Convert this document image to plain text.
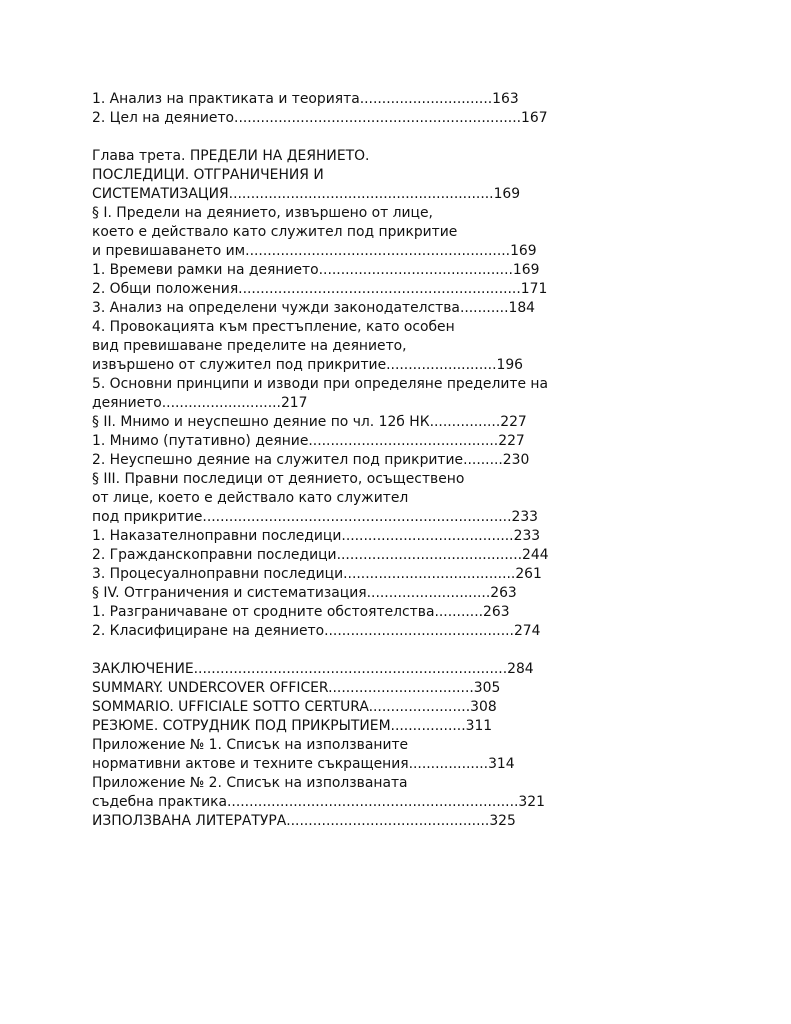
1. Анализ на практиката и теорията..............................163
2. Цел на деянието.................................................................167
Глава трета. ПРЕДЕЛИ НА ДЕЯНИЕТО.
ПОСЛЕДИЦИ. ОТГРАНИЧЕНИЯ И
СИСТЕМАТИЗАЦИЯ............................................................169
§ І. Предели на деянието, извършено от лице,
което е действало като служител под прикритие
и превишаването им............................................................169
1. Времеви рамки на деянието............................................169
2. Общи положения................................................................171
3. Анализ на определени чужди законодателства...........184
4. Провокацията към престъпление, като особен
вид превишаване пределите на деянието,
извършено от служител под прикритие.........................196
5. Основни принципи и изводи при определяне пределите на
деянието...........................217
§ ІІ. Мнимо и неуспешно деяние по чл. 12б НК................227
1. Мнимо (путативно) деяние...........................................227
2. Неуспешно деяние на служител под прикритие.........230
§ ІІІ. Правни последици от деянието, осъществено
от лице, което е действало като служител
под прикритие......................................................................233
1. Наказателноправни последици.......................................233
2. Гражданскоправни последици..........................................244
3. Процесуалноправни последици.......................................261
§ ІV. Отграничения и систематизация............................263
1. Разграничаване от сродните обстоятелства...........263
2. Класифициране на деянието...........................................274
ЗАКЛЮЧЕНИЕ.......................................................................284
SUMMARY. UNDERCOVER OFFICER.................................305
SOMMARIO. UFFICIALE SOTTO CERTURA.......................308
РЕЗЮМЕ. СОТРУДНИК ПОД ПРИКРЫТИЕМ.................311
Приложение № 1. Списък на използваните
нормативни актове и техните съкращения..................314
Приложение № 2. Списък на използваната
съдебна практика..................................................................321
ИЗПОЛЗВАНА ЛИТЕРАТУРА..............................................325
